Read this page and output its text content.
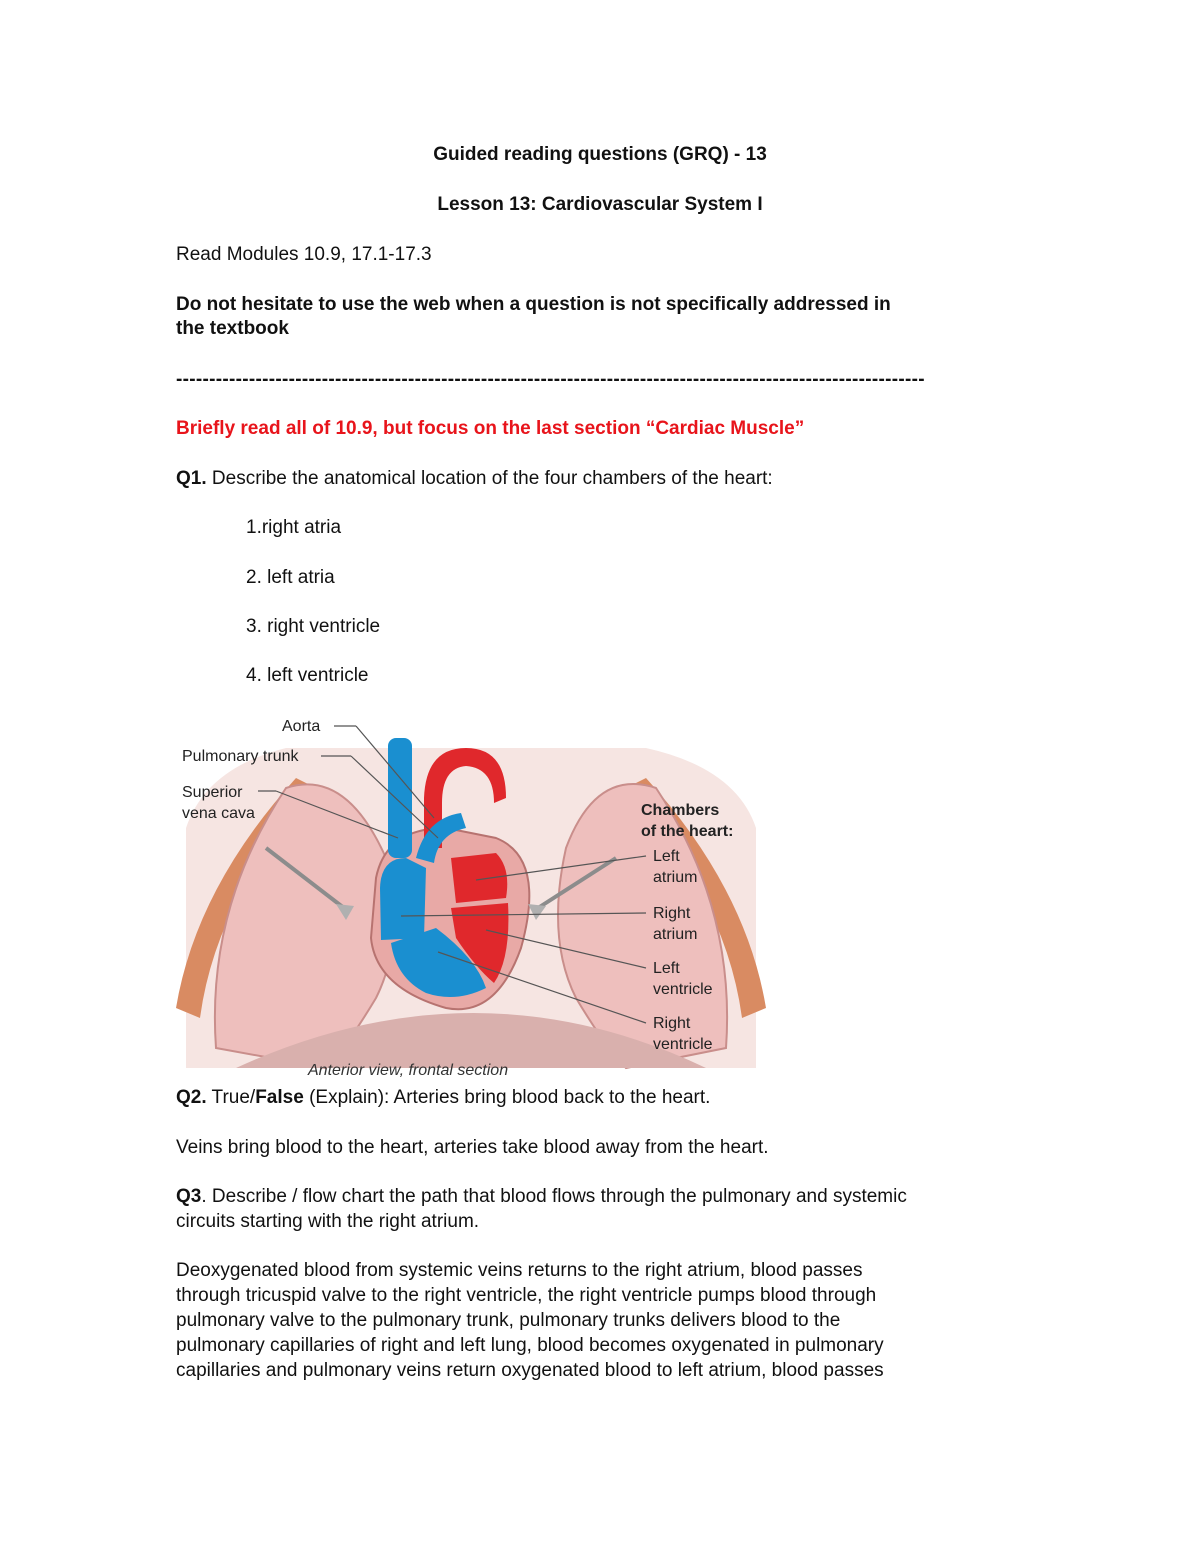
Guided reading questions (GRQ) - 13
Lesson 13: Cardiovascular System I
Read Modules 10.9, 17.1-17.3
Do not hesitate to use the web when a question is not specifically addressed in
the textbook
-----------------------------------------------------------------------------------------------------------------
Briefly read all of 10.9, but focus on the last section “Cardiac Muscle”
Q1. Describe the anatomical location of the four chambers of the heart:
1.right atria
2. left atria
3. right ventricle
4. left ventricle
Aorta
Pulmonary trunk
Superior
vena cava	Chambers
of the heart:
Left
atrium
Right
atrium
Left
ventricle
Right
ventricle
Anterior view, frontal section
Q2. True/False (Explain): Arteries bring blood back to the heart.
Veins bring blood to the heart, arteries take blood away from the heart.
Q3. Describe / flow chart the path that blood flows through the pulmonary and systemic
circuits starting with the right atrium.
Deoxygenated blood from systemic veins returns to the right atrium, blood passes
through tricuspid valve to the right ventricle, the right ventricle pumps blood through
pulmonary valve to the pulmonary trunk, pulmonary trunks delivers blood to the
pulmonary capillaries of right and left lung, blood becomes oxygenated in pulmonary
capillaries and pulmonary veins return oxygenated blood to left atrium, blood passes
